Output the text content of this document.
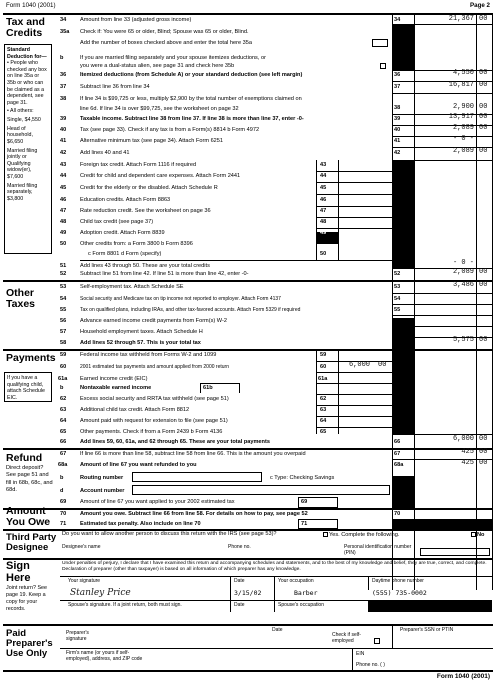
Form 1040 (2001)	Page 2
Tax and
Credits
Standard Deduction for—
• People who checked any box on line 35a or 35b or who can be claimed as a dependent, see page 31.
• All others:
Single, $4,550
Head of household, $6,650
Married filing jointly or Qualifying widow(er), $7,600
Married filing separately, $3,800
34 Amount from line 33 (adjusted gross income)	34	21,367 00
35a Check if: You were 65 or older, Blind; Spouse was 65 or older, Blind.
Add the number of boxes checked above and enter the total here 35a
b	If you are married filing separately and your spouse itemizes deductions, or
you were a dual-status alien, see page 31 and check here 35b
36 Itemized deductions (from Schedule A) or your standard deduction (see left margin)	36	4,550 00
37 Subtract line 36 from line 34	37	16,817 00
38 If line 34 is $99,725 or less, multiply $2,900 by the total number of exemptions claimed on
line 6d. If line 34 is over $99,725, see the worksheet on page 32	38	2,900 00
39 Taxable income. Subtract line 38 from line 37. If line 38 is more than line 37, enter -0-	39	13,917 00
40 Tax (see page 33). Check if any tax is from a Form(s) 8814 b Form 4972	40	2,089 00
41 Alternative minimum tax (see page 34). Attach Form 6251	41	- 0 -
42 Add lines 40 and 41	42	2,089 00
43 Foreign tax credit. Attach Form 1116 if required	43
44 Credit for child and dependent care expenses. Attach Form 2441	44
45 Credit for the elderly or the disabled. Attach Schedule R	45
46 Education credits. Attach Form 8863	46
47 Rate reduction credit. See the worksheet on page 36	47
48 Child tax credit (see page 37)	48
49 Adoption credit. Attach Form 8839	49
50 Other credits from: a Form 3800 b Form 8396
c Form 8801 d Form (specify)	50
51 Add lines 43 through 50. These are your total credits	51	- 0 -
52 Subtract line 51 from line 42. If line 51 is more than line 42, enter -0-	52	2,089 00
Other
Taxes
53 Self-employment tax. Attach Schedule SE	53	3,486 00
54	Social security and Medicare tax on tip income not reported to employer. Attach Form 4137	54
55	Tax on qualified plans, including IRAs, and other tax-favored accounts. Attach Form 5329 if required	55
56 Advance earned income credit payments from Form(s) W-2	56
57 Household employment taxes. Attach Schedule H	57
58 Add lines 52 through 57. This is your total tax	58	5,575 00
Payments
If you have a qualifying child, attach Schedule EIC.
59 Federal income tax withheld from Forms W-2 and 1099	59
60	2001 estimated tax payments and amount applied from 2000 return	60	6,000 00
61a Earned income credit (EIC)	61a
b	Nontaxable earned income	61b
62 Excess social security and RRTA tax withheld (see page 51)	62
63 Additional child tax credit. Attach Form 8812	63
64 Amount paid with request for extension to file (see page 51)	64
65 Other payments. Check if from a Form 2439 b Form 4136	65
66 Add lines 59, 60, 61a, and 62 through 65. These are your total payments	66	6,000 00
Refund
Direct deposit? See page 51 and fill in 68b, 68c, and 68d.
67 If line 66 is more than line 58, subtract line 58 from line 66. This is the amount you overpaid	67	425 00
68a Amount of line 67 you want refunded to you	68a	425 00
b	Routing number	c Type: Checking Savings
d	Account number
69 Amount of line 67 you want applied to your 2002 estimated tax	69
Amount
You Owe
70 Amount you owe. Subtract line 66 from line 58. For details on how to pay, see page 52	70
71 Estimated tax penalty. Also include on line 70	71
Third Party
Designee
Do you want to allow another person to discuss this return with the IRS (see page 53)?	Yes. Complete the following.	No
Designee's name	Phone no.	Personal identification number (PIN)
Sign
Here
Joint return? See page 19. Keep a copy for your records.
Under penalties of perjury, I declare that I have examined this return and accompanying schedules and statements, and to the best of my knowledge and belief, they are true, correct, and complete. Declaration of preparer (other than taxpayer) is based on all information of which preparer has any knowledge.
Your signature
Stanley Price
Date
3/15/02
Your occupation
Barber
Daytime phone number
(555) 735-0002
Spouse's signature. If a joint return, both must sign.	Date	Spouse's occupation
Paid
Preparer's
Use Only
Preparer's signature
Date
Check if self-employed
Preparer's SSN or PTIN
Firm's name (or yours if self-employed), address, and ZIP code
EIN
Phone no. ( )
Form 1040 (2001)
